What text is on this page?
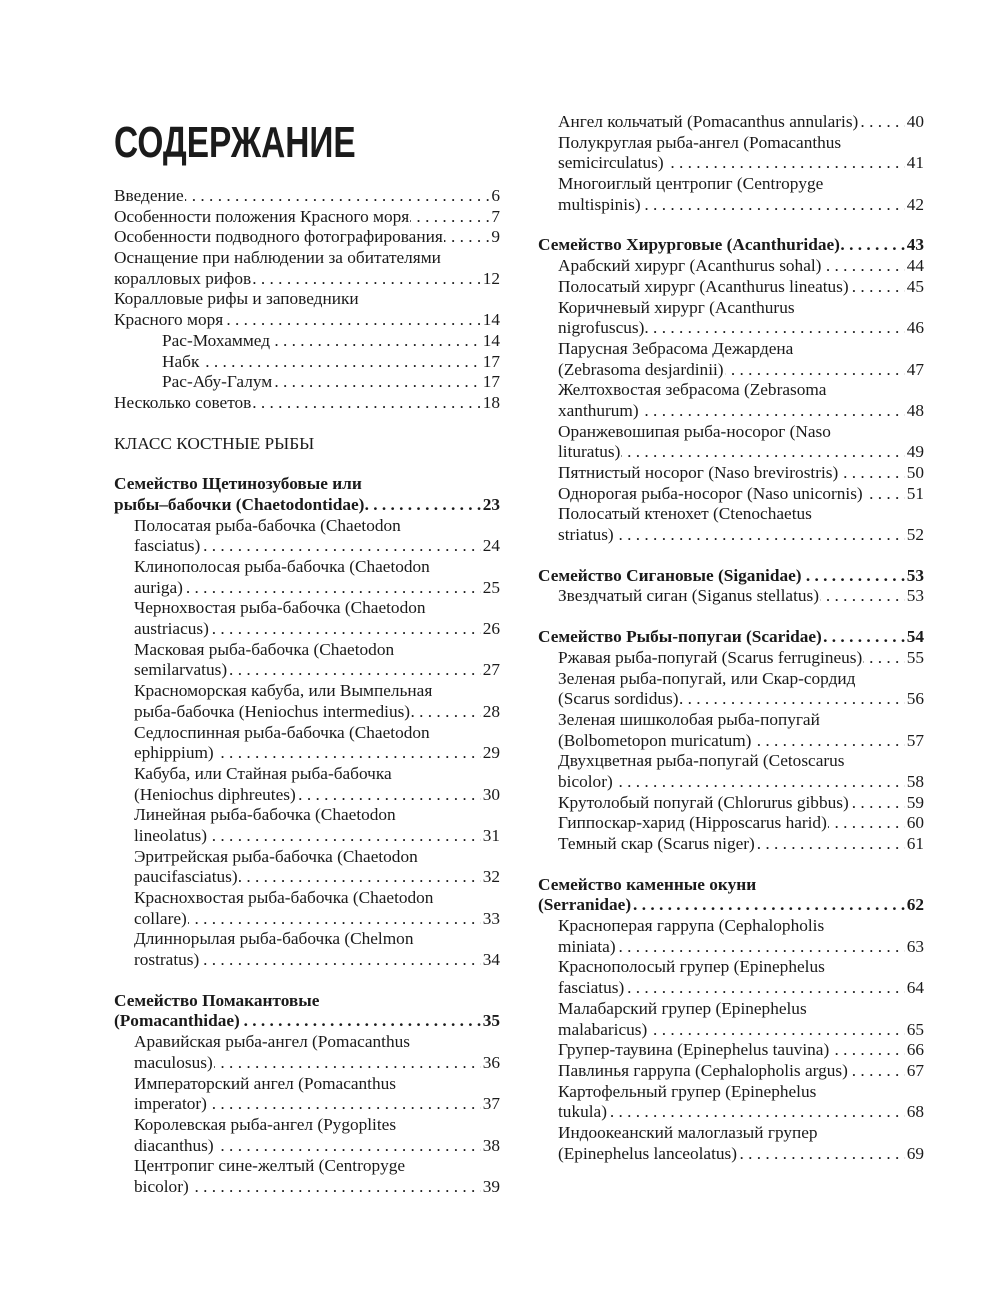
СОДЕРЖАНИЕ
Введение	6
. . .
Особенности положения Красного моря	7
. . .
Особенности подводного фотографирования	9
. . .
Оснащение при наблюдении за обитателями
коралловых рифов	12
. . .
Коралловые рифы и заповедники
Красного моря	14
. . .
Рас-Мохаммед	14
. . .
Набк	17
. . .
Рас-Абу-Галум	17
. . .
Несколько советов	18
. . .
КЛАСС КОСТНЫЕ РЫБЫ
Семейство Щетинозубовые или
рыбы–бабочки (Chaetodontidae)	23
. . .
Полосатая рыба-бабочка (Chaetodon
fasciatus)	24
. . .
Клинополосая рыба-бабочка (Chaetodon
auriga)	25
. . .
Чернохвостая рыба-бабочка (Chaetodon
austriacus)	26
. . .
Масковая рыба-бабочка (Chaetodon
semilarvatus)	27
. . .
Красноморская кабуба, или Вымпельная
рыба-бабочка (Heniochus intermedius)	28
. . .
Седлоспинная рыба-бабочка (Chaetodon
ephippium)	29
. . .
Кабуба, или Стайная рыба-бабочка
(Heniochus diphreutes)	30
. . .
Линейная рыба-бабочка (Chaetodon
lineolatus)	31
. . .
Эритрейская рыба-бабочка (Chaetodon
paucifasciatus)	32
. . .
Краснохвостая рыба-бабочка (Chaetodon
collare)	33
. . .
Длиннорылая рыба-бабочка (Chelmon
rostratus)	34
. . .
Семейство Помакантовые
(Pomacanthidae)	35
. . .
Аравийская рыба-ангел (Pomacanthus
maculosus)	36
. . .
Императорский ангел (Pomacanthus
imperator)	37
. . .
Королевская рыба-ангел (Pygoplites
diacanthus)	38
. . .
Центропиг сине-желтый (Centropyge
bicolor)	39
. . .
Ангел кольчатый (Pomacanthus annularis)	40
. . .
Полукруглая рыба-ангел (Pomacanthus
semicirculatus)	41
. . .
Многоиглый центропиг (Centropyge
multispinis)	42
. . .
Семейство Хирурговые (Acanthuridae)	43
. . .
Арабский хирург (Acanthurus sohal)	44
. . .
Полосатый хирург (Acanthurus lineatus)	45
. . .
Коричневый хирург (Acanthurus
nigrofuscus)	46
. . .
Парусная Зебрасома Дежардена
(Zebrasoma desjardinii)	47
. . .
Желтохвостая зебрасома (Zebrasoma
xanthurum)	48
. . .
Оранжевошипая рыба-носорог (Naso
lituratus)	49
. . .
Пятнистый носорог (Naso brevirostris)	50
. . .
Однорогая рыба-носорог (Naso unicornis)	51
. . .
Полосатый ктенохет (Ctenochaetus
striatus)	52
. . .
Семейство Сигановые (Siganidae)	53
. . .
Звездчатый сиган (Siganus stellatus)	53
. . .
Семейство Рыбы-попугаи (Scaridae)	54
. . .
Ржавая рыба-попугай (Scarus ferrugineus)	55
. . .
Зеленая рыба-попугай, или Скар-сордид
(Scarus sordidus)	56
. . .
Зеленая шишколобая рыба-попугай
(Bolbometopon muricatum)	57
. . .
Двухцветная рыба-попугай (Cetoscarus
bicolor)	58
. . .
Крутолобый попугай (Chlorurus gibbus)	59
. . .
Гиппоскар-харид (Hipposcarus harid)	60
. . .
Темный скар (Scarus niger)	61
. . .
Семейство каменные окуни
(Serranidae)	62
. . .
Красноперая гаррупа (Cephalopholis
miniata)	63
. . .
Краснополосый групер (Epinephelus
fasciatus)	64
. . .
Малабарский групер (Epinephelus
malabaricus)	65
. . .
Групер-таувина (Epinephelus tauvina)	66
. . .
Павлинья гаррупа (Cephalopholis argus)	67
. . .
Картофельный групер (Epinephelus
tukula)	68
. . .
Индоокеанский малоглазый групер
(Epinephelus lanceolatus)	69
. . .
